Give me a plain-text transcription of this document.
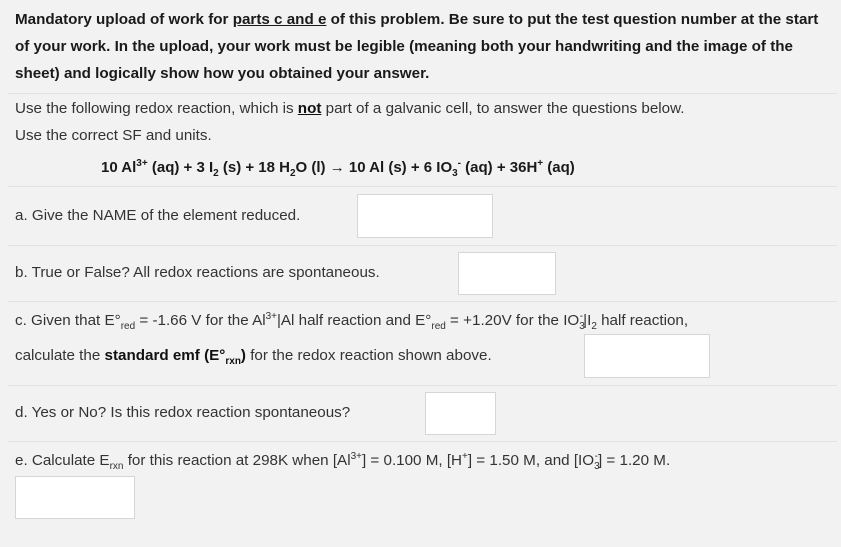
Mandatory upload of work for parts c and e of this problem. Be sure to put the test question number at the start of your work. In the upload, your work must be legible (meaning both your handwriting and the image of the sheet) and logically show how you obtained your answer.
Use the following redox reaction, which is not part of a galvanic cell, to answer the questions below.
Use the correct SF and units.
10 $Al^{3+}$ (aq) + 3 $I_2$ (s) + 18 $H_2O$ (l) → 10 Al (s) + 6 $IO_3^-$ (aq) + 36H+ (aq)
a. Give the NAME of the element reduced.
b. True or False? All redox reactions are spontaneous.
c. Given that $E^\circ_{red} = -1.66$ V for the $Al^{3+}|Al$ half reaction and $E^\circ_{red} = +1.20V$ for the $IO_3^-|I_2$ half reaction,
calculate the standard emf $(E^\circ_{rxn})$ for the redox reaction shown above.
d. Yes or No? Is this redox reaction spontaneous?
e. Calculate $E_{rxn}$ for this reaction at 298K when $[Al^{3+}] = 0.100$ M, [H+] = 1.50 M, and $[IO_3^-] = 1.20$ M.
